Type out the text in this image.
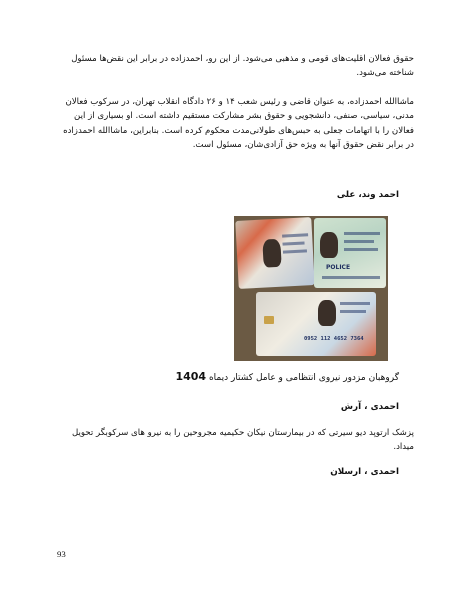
حقوق فعالان اقلیت‌های قومی و مذهبی می‌شود. از این رو، احمدزاده در برابر این نقض‌ها مسئول شناخته می‌شود.

ماشاالله احمدزاده، به عنوان قاضی و رئیس شعب ۱۴ و ۲۶ دادگاه انقلاب تهران، در سرکوب فعالان مدنی، سیاسی، صنفی، دانشجویی و حقوق بشر مشارکت مستقیم داشته است. او بسیاری از این فعالان را با اتهامات جعلی به حبس‌های طولانی‌مدت محکوم کرده است. بنابراین، ماشاالله احمدزاده در برابر نقض حقوق آنها به ویژه حق آزادی‌شان، مسئول است.

احمد وند، علی
POLICE
0952 112 4652 7364
گروهبان مزدور نیروی انتظامی و عامل کشتار دیماه 1404
احمدی ، آرش

پزشک ارتوپد دیو سیرتی که در بیمارستان نیکان حکیمیه مجروحین را به نیرو های سرکوبگر تحویل میداد.

احمدی ، ارسلان
93
